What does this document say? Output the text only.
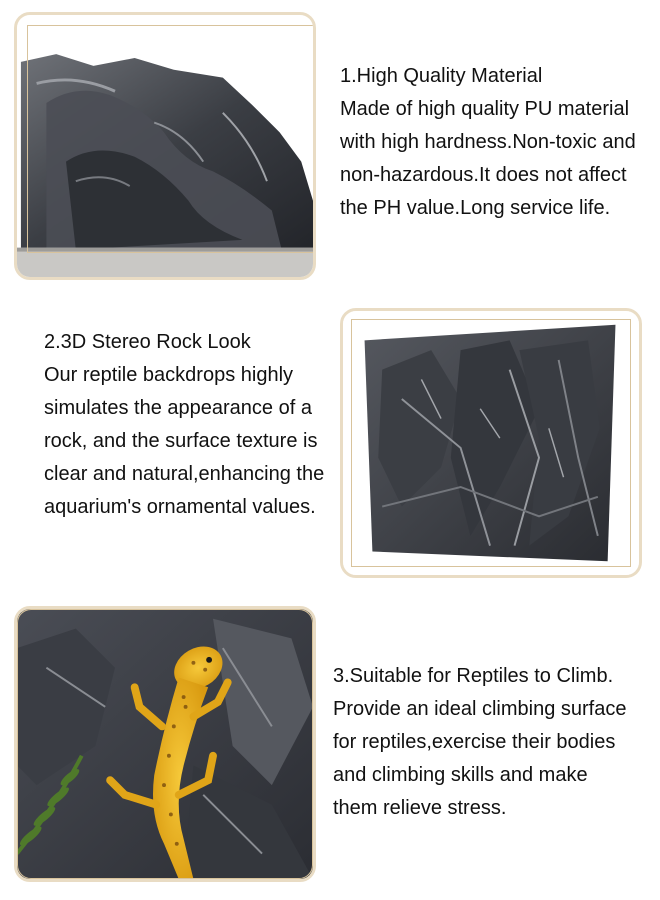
1.High Quality Material
Made of high quality PU material
with high hardness.Non-toxic and
non-hazardous.It does not affect
the PH value.Long service life.
2.3D Stereo Rock Look
Our reptile backdrops highly
simulates the appearance of a
rock, and the surface texture is
clear and natural,enhancing the
aquarium's ornamental values.
3.Suitable for Reptiles to Climb.
Provide an ideal climbing surface
for reptiles,exercise their bodies
and climbing skills and make
them relieve stress.
